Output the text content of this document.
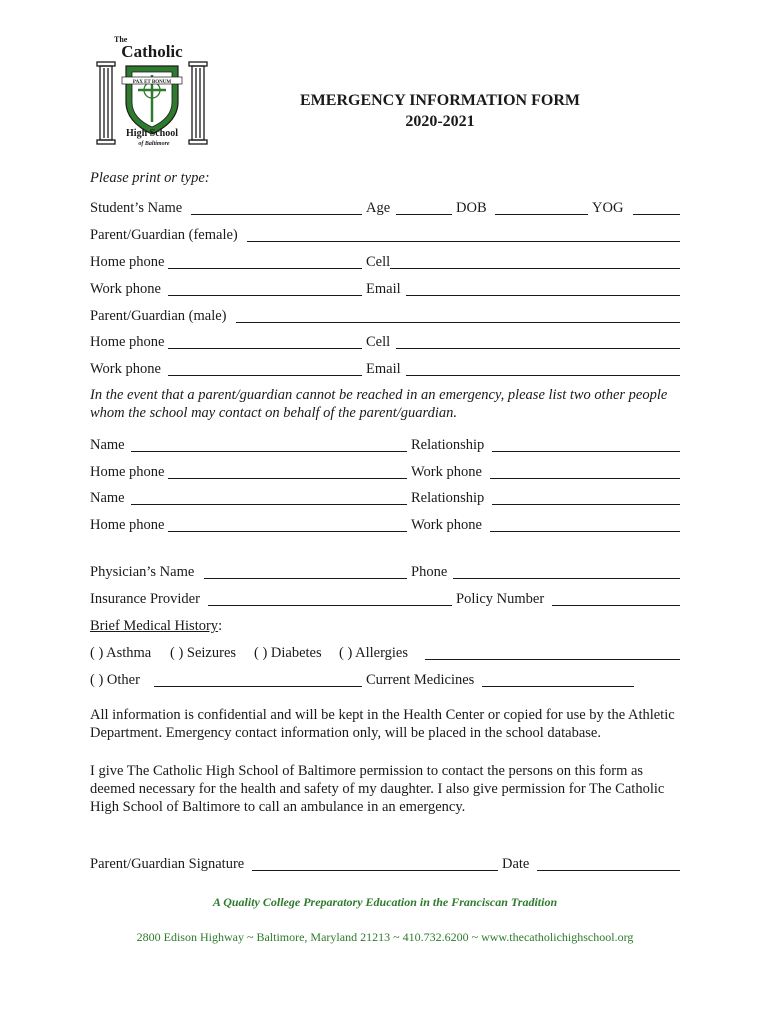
The
Catholic
PAX ET BONUM
High School
of Baltimore
EMERGENCY INFORMATION FORM
2020-2021
Please print or type:
Student’s Name	Age	DOB	YOG
Parent/Guardian (female)
Home phone	Cell
Work phone	Email
Parent/Guardian (male)
Home phone	Cell
Work phone	Email
In the event that a parent/guardian cannot be reached in an emergency, please list two other people whom the school may contact on behalf of the parent/guardian.
Name	Relationship
Home phone	Work phone
Name	Relationship
Home phone	Work phone
Physician’s Name	Phone
Insurance Provider	Policy Number
Brief Medical History:
( ) Asthma ( ) Seizures ( ) Diabetes ( ) Allergies
( ) Other	Current Medicines
All information is confidential and will be kept in the Health Center or copied for use by the Athletic Department. Emergency contact information only, will be placed in the school database.
I give The Catholic High School of Baltimore permission to contact the persons on this form as deemed necessary for the health and safety of my daughter. I also give permission for The Catholic High School of Baltimore to call an ambulance in an emergency.
Parent/Guardian Signature	Date
A Quality College Preparatory Education in the Franciscan Tradition
2800 Edison Highway ~ Baltimore, Maryland 21213 ~ 410.732.6200 ~ www.thecatholichighschool.org
